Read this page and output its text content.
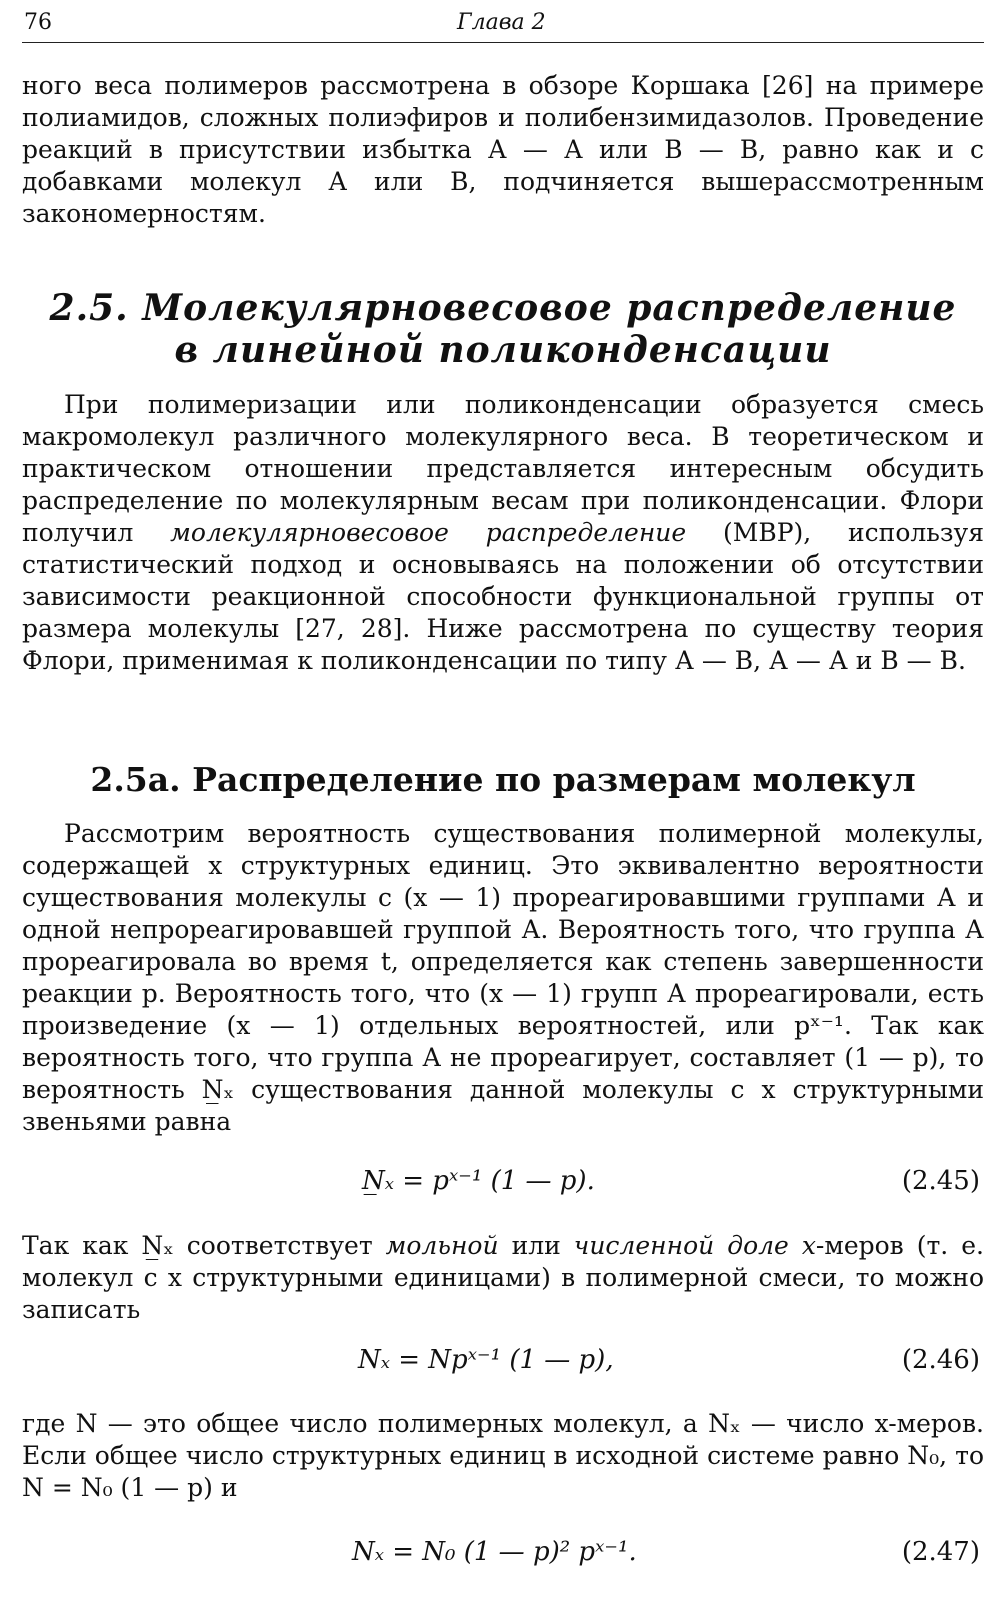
76	Глава 2

ного веса полимеров рассмотрена в обзоре Коршака [26] на примере полиамидов, сложных полиэфиров и полибензимидазолов. Проведение реакций в присутствии избытка А — А или В — В, равно как и с добавками молекул А или В, подчиняется вышерассмотренным закономерностям.

2.5. Молекулярновесовое распределение
в линейной поликонденсации

При полимеризации или поликонденсации образуется смесь макромолекул различного молекулярного веса. В теоретическом и практическом отношении представляется интересным обсудить распределение по молекулярным весам при поликонденсации. Флори получил молекулярновесовое распределение (МВР), используя статистический подход и основываясь на положении об отсутствии зависимости реакционной способности функциональной группы от размера молекулы [27, 28]. Ниже рассмотрена по существу теория Флори, применимая к поликонденсации по типу А — В, А — А и В — В.

2.5а. Распределение по размерам молекул

Рассмотрим вероятность существования полимерной молекулы, содержащей x структурных единиц. Это эквивалентно вероятности существования молекулы с (x — 1) прореагировавшими группами А и одной непрореагировавшей группой А. Вероятность того, что группа А прореагировала во время t, определяется как степень завершенности реакции p. Вероятность того, что (x — 1) групп А прореагировали, есть произведение (x — 1) отдельных вероятностей, или pˣ⁻¹. Так как вероятность того, что группа А не прореагирует, составляет (1 — p), то вероятность N̲ₓ существования данной молекулы с x структурными звеньями равна

N̲ₓ = pˣ⁻¹ (1 — p).	(2.45)

Так как N̲ₓ соответствует мольной или численной доле x-меров (т. е. молекул с x структурными единицами) в полимерной смеси, то можно записать

Nₓ = Npˣ⁻¹ (1 — p),	(2.46)

где N — это общее число полимерных молекул, а Nₓ — число x-меров. Если общее число структурных единиц в исходной системе равно N₀, то N = N₀ (1 — p) и

Nₓ = N₀ (1 — p)² pˣ⁻¹.	(2.47)
